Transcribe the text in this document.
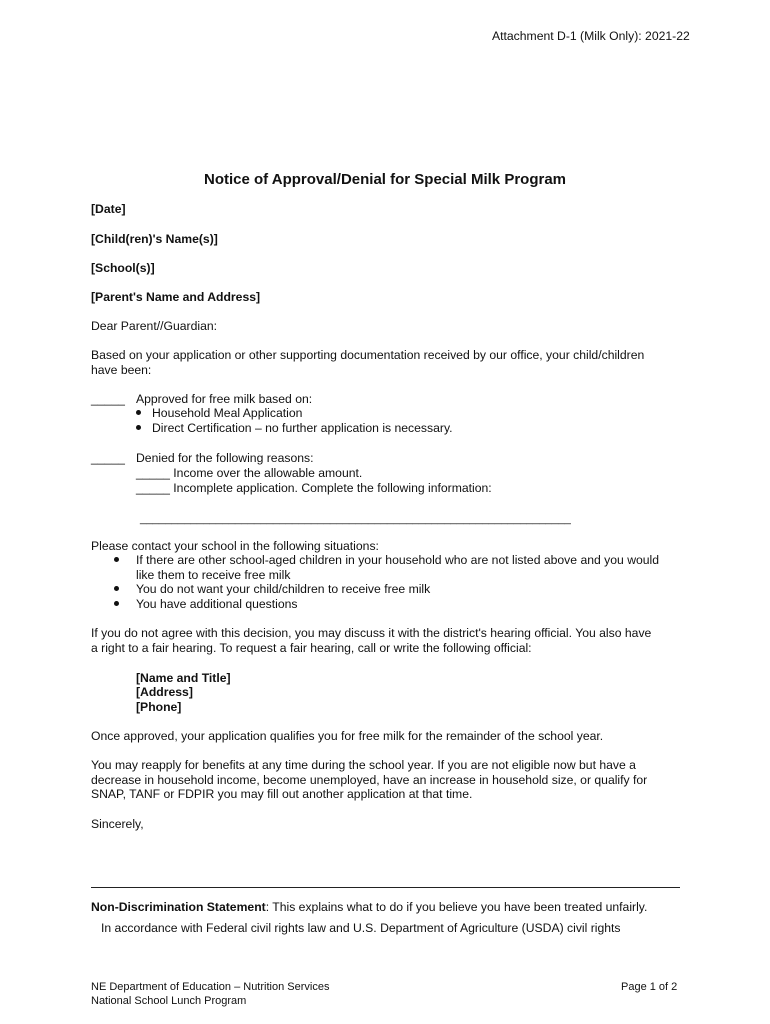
Attachment D-1 (Milk Only): 2021-22
Notice of Approval/Denial for Special Milk Program
[Date]
[Child(ren)'s Name(s)]
[School(s)]
[Parent's Name and Address]
Dear Parent//Guardian:
Based on your application or other supporting documentation received by our office, your child/children
have been:
_____ Approved for free milk based on:
Household Meal Application
Direct Certification – no further application is necessary.
_____ Denied for the following reasons:
_____ Income over the allowable amount.
_____ Incomplete application. Complete the following information:
____________________________________________________________________
Please contact your school in the following situations:
If there are other school-aged children in your household who are not listed above and you would
like them to receive free milk
You do not want your child/children to receive free milk
You have additional questions
If you do not agree with this decision, you may discuss it with the district's hearing official. You also have
a right to a fair hearing. To request a fair hearing, call or write the following official:
[Name and Title]
[Address]
[Phone]
Once approved, your application qualifies you for free milk for the remainder of the school year.
You may reapply for benefits at any time during the school year. If you are not eligible now but have a
decrease in household income, become unemployed, have an increase in household size, or qualify for
SNAP, TANF or FDPIR you may fill out another application at that time.
Sincerely,
Non-Discrimination Statement: This explains what to do if you believe you have been treated unfairly.
In accordance with Federal civil rights law and U.S. Department of Agriculture (USDA) civil rights
NE Department of Education – Nutrition Services
National School Lunch Program
Page 1 of 2
